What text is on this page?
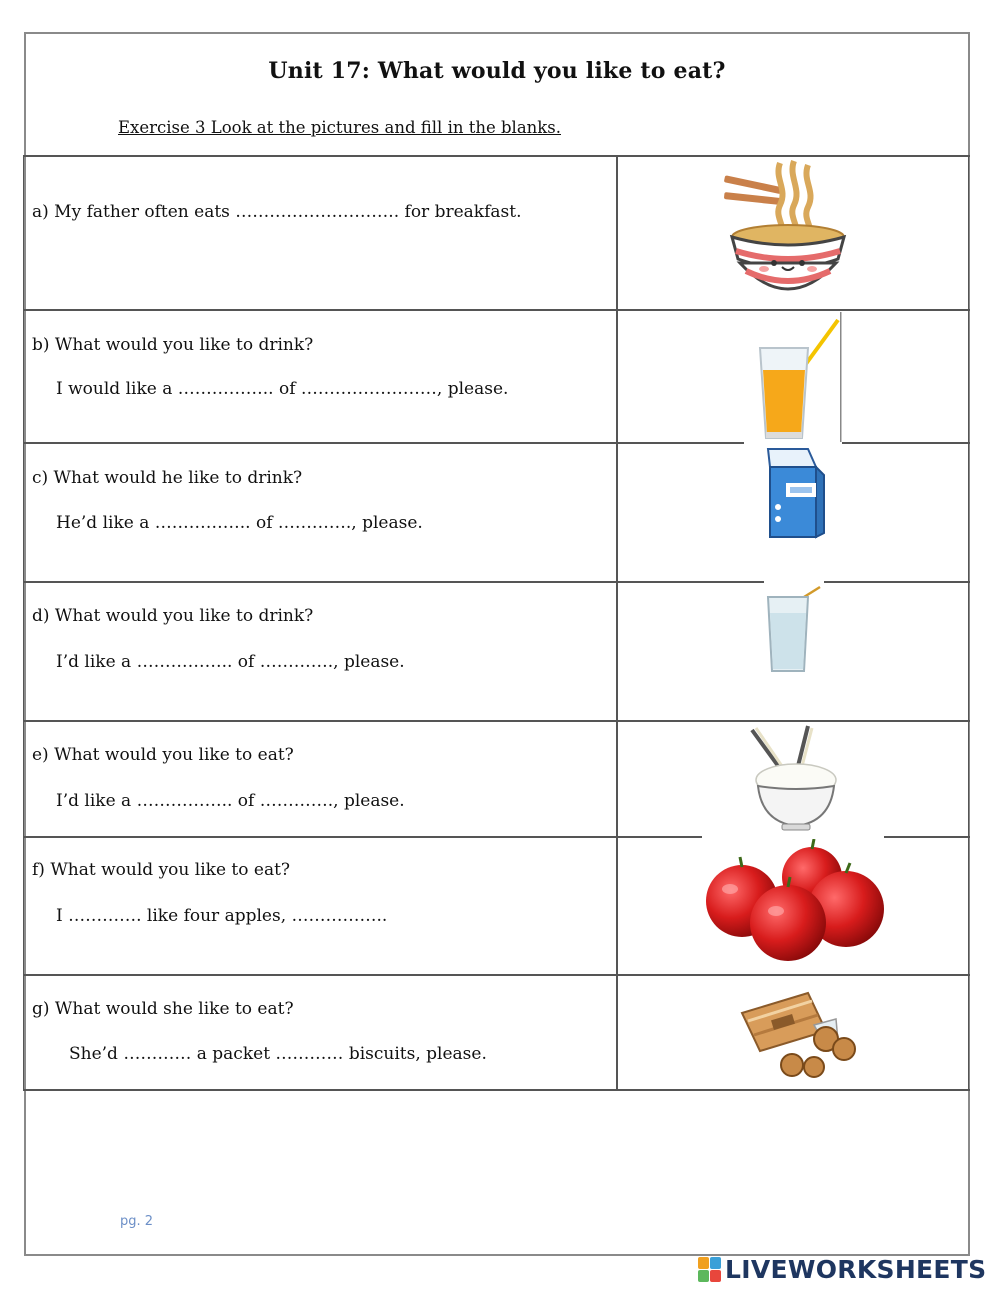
Unit 17: What would you like to eat?
Exercise 3 Look at the pictures and fill in the blanks.
a) My father often eats ……………………….. for breakfast.
b) What would you like to drink?
I would like a …………….. of ……………………, please.
c) What would he like to drink?
He’d like a …………….. of …………., please.
d) What would you like to drink?
I’d like a …………….. of …………., please.
e) What would you like to eat?
I’d like a …………….. of …………., please.
f) What would you like to eat?
I …………. like four apples, ……………..
g) What would she like to eat?
She’d ………… a packet ………… biscuits, please.
pg. 2
LIVEWORKSHEETS
